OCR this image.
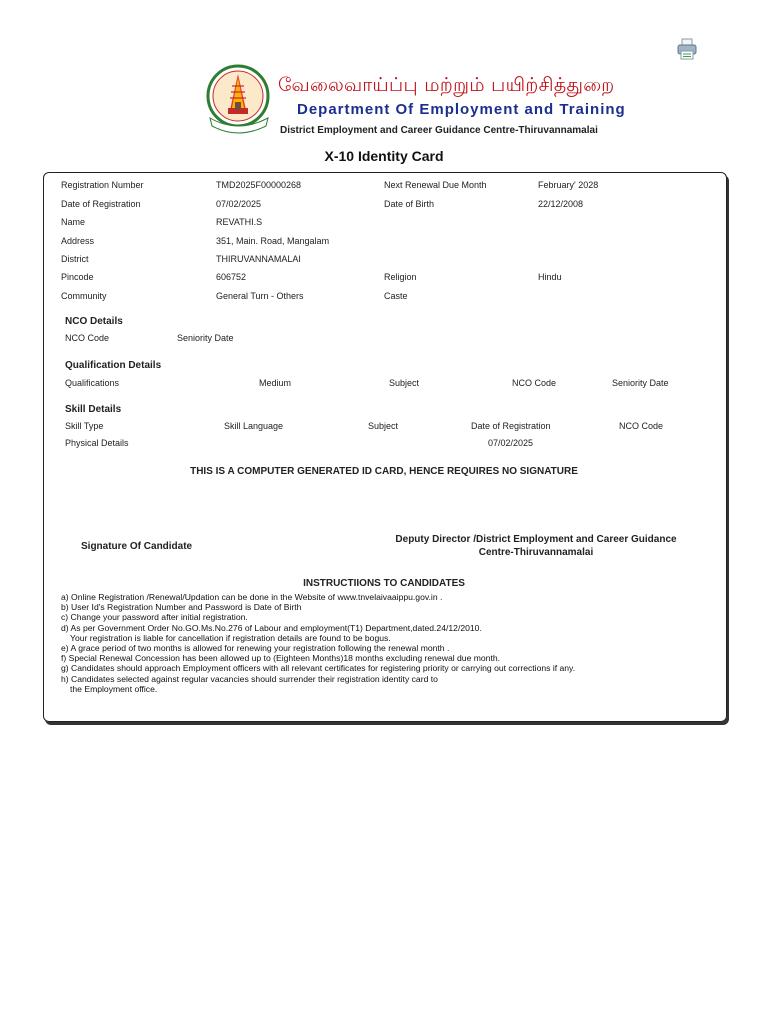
வேலைவாய்ப்பு மற்றும் பயிற்சித்துறை
Department Of Employment and Training
District Employment and Career Guidance Centre-Thiruvannamalai
X-10 Identity Card
Registration Number	TMD2025F00000268	Next Renewal Due Month	February' 2028
Date of Registration	07/02/2025	Date of Birth	22/12/2008
Name	REVATHI.S
Address	351, Main. Road, Mangalam
District	THIRUVANNAMALAI
Pincode	606752	Religion	Hindu
Community	General Turn - Others	Caste
NCO Details
NCO Code	Seniority Date
Qualification Details
Qualifications	Medium	Subject	NCO Code	Seniority Date
Skill Details
Skill Type	Skill Language	Subject	Date of Registration	NCO Code
Physical Details	07/02/2025
THIS IS A COMPUTER GENERATED ID CARD, HENCE REQUIRES NO SIGNATURE
Signature Of Candidate
Deputy Director /District Employment and Career Guidance
Centre-Thiruvannamalai
INSTRUCTIIONS TO CANDIDATES
a) Online Registration /Renewal/Updation can be done in the Website of www.tnvelaivaaippu.gov.in .
b) User Id's Registration Number and Password is Date of Birth
c) Change your password after initial registration.
d) As per Government Order No.GO.Ms.No.276 of Labour and employment(T1) Department,dated.24/12/2010.
Your registration is liable for cancellation if registration details are found to be bogus.
e) A grace period of two months is allowed for renewing your registration following the renewal month .
f) Special Renewal Concession has been allowed up to (Eighteen Months)18 months excluding renewal due month.
g) Candidates should approach Employment officers with all relevant certificates for registering priority or carrying out corrections if any.
h) Candidates selected against regular vacancies should surrender their registration identity card to
the Employment office.
